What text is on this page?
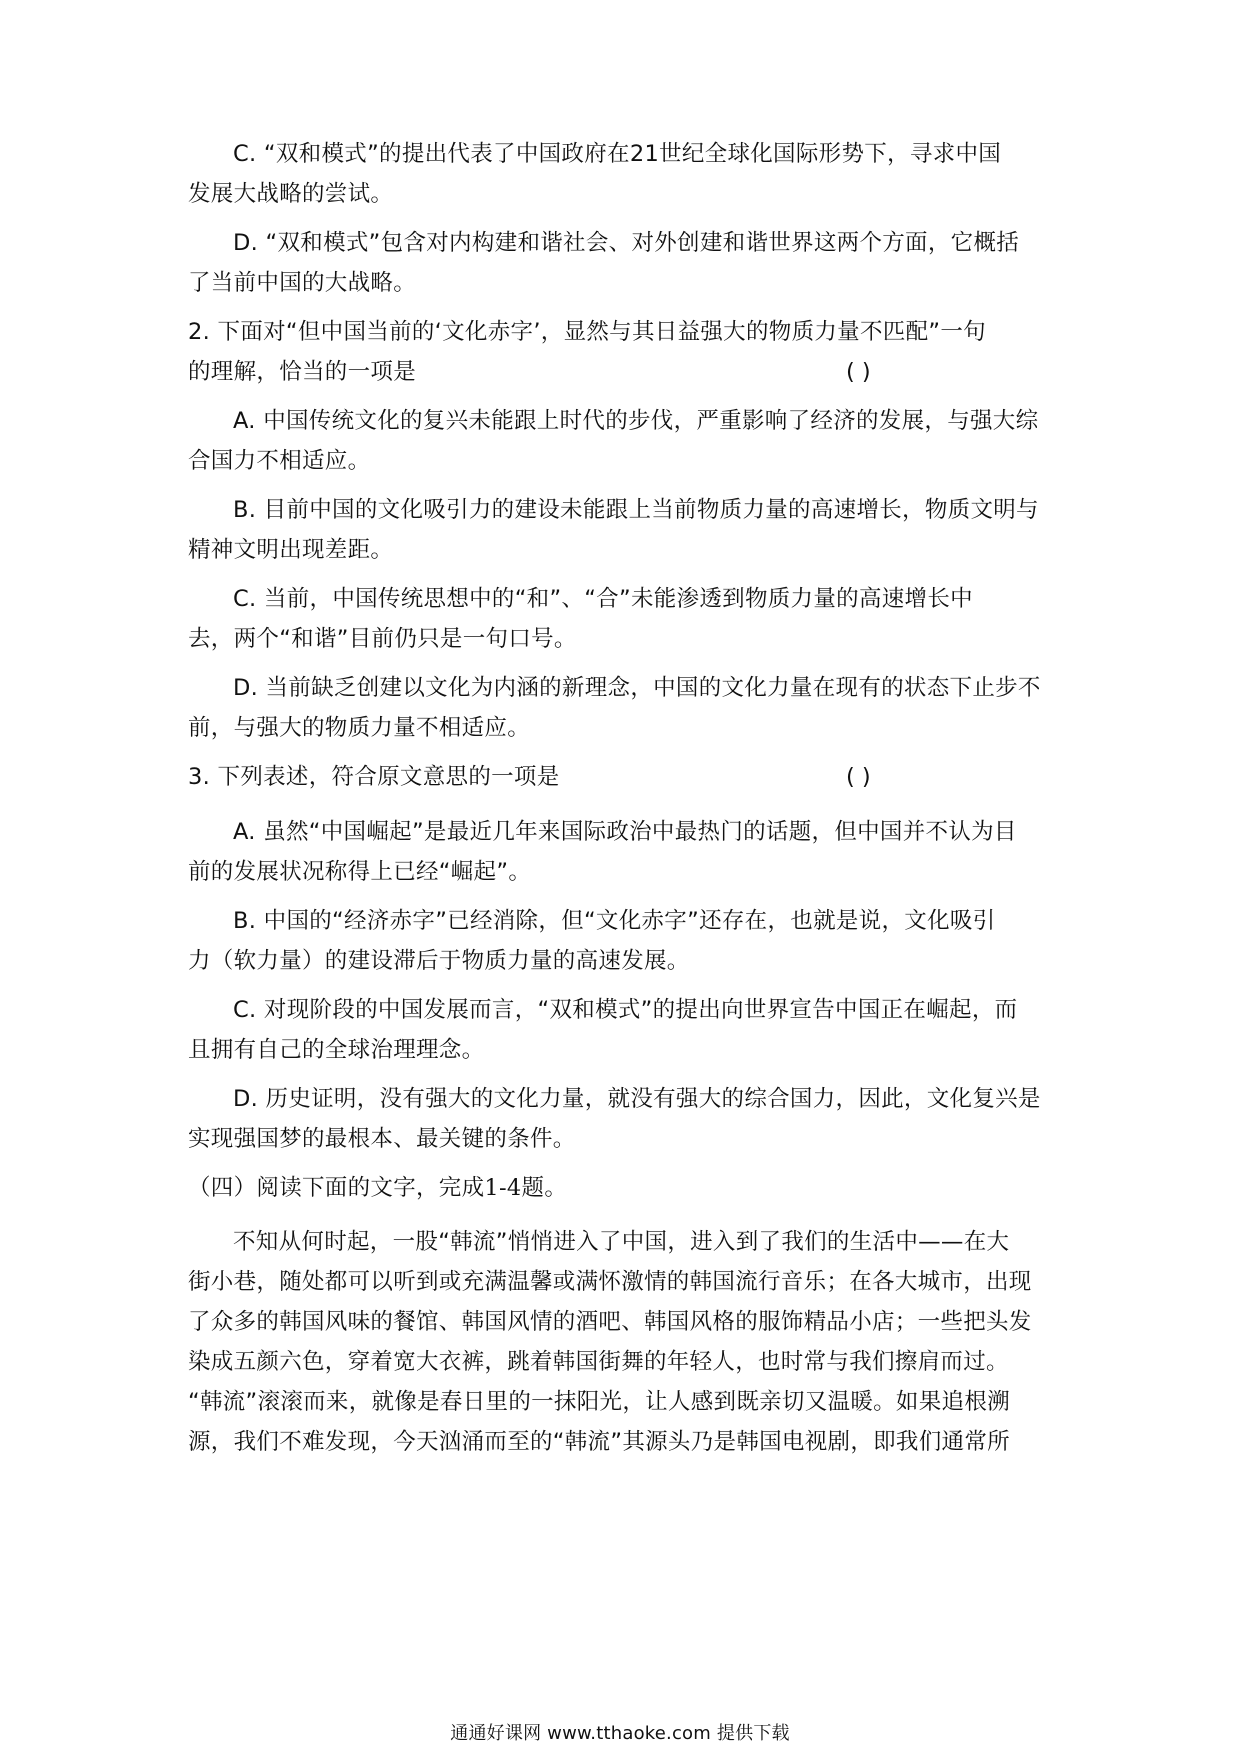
C. “双和模式”的提出代表了中国政府在21世纪全球化国际形势下，寻求中国
发展大战略的尝试。
D. “双和模式”包含对内构建和谐社会、对外创建和谐世界这两个方面，它概括
了当前中国的大战略。
2. 下面对“但中国当前的‘文化赤字’，显然与其日益强大的物质力量不匹配”一句
的理解，恰当的一项是	( )
A. 中国传统文化的复兴未能跟上时代的步伐，严重影响了经济的发展，与强大综
合国力不相适应。
B. 目前中国的文化吸引力的建设未能跟上当前物质力量的高速增长，物质文明与
精神文明出现差距。
C. 当前，中国传统思想中的“和”、“合”未能渗透到物质力量的高速增长中
去，两个“和谐”目前仍只是一句口号。
D. 当前缺乏创建以文化为内涵的新理念，中国的文化力量在现有的状态下止步不
前，与强大的物质力量不相适应。
3. 下列表述，符合原文意思的一项是	( )
A. 虽然“中国崛起”是最近几年来国际政治中最热门的话题，但中国并不认为目
前的发展状况称得上已经“崛起”。
B. 中国的“经济赤字”已经消除，但“文化赤字”还存在，也就是说，文化吸引
力（软力量）的建设滞后于物质力量的高速发展。
C. 对现阶段的中国发展而言，“双和模式”的提出向世界宣告中国正在崛起，而
且拥有自己的全球治理理念。
D. 历史证明，没有强大的文化力量，就没有强大的综合国力，因此，文化复兴是
实现强国梦的最根本、最关键的条件。
（四）阅读下面的文字，完成1-4题。
不知从何时起，一股“韩流”悄悄进入了中国，进入到了我们的生活中——在大
街小巷，随处都可以听到或充满温馨或满怀激情的韩国流行音乐；在各大城市，出现
了众多的韩国风味的餐馆、韩国风情的酒吧、韩国风格的服饰精品小店；一些把头发
染成五颜六色，穿着宽大衣裤，跳着韩国街舞的年轻人，也时常与我们擦肩而过。
“韩流”滚滚而来，就像是春日里的一抹阳光，让人感到既亲切又温暖。如果追根溯
源，我们不难发现，今天汹涌而至的“韩流”其源头乃是韩国电视剧，即我们通常所
通通好课网 www.tthaoke.com 提供下载
